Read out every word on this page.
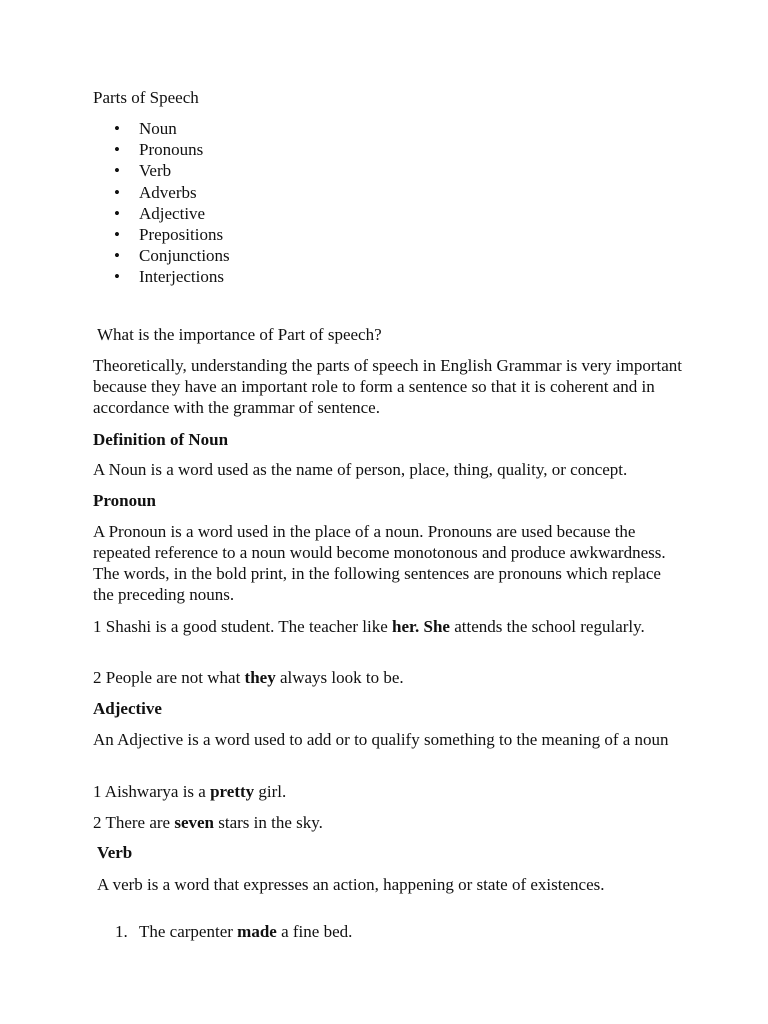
Parts of Speech

• Noun
• Pronouns
• Verb
• Adverbs
• Adjective
• Prepositions
• Conjunctions
• Interjections

What is the importance of Part of speech?

Theoretically, understanding the parts of speech in English Grammar is very important because they have an important role to form a sentence so that it is coherent and in accordance with the grammar of sentence.

Definition of Noun

A Noun is a word used as the name of person, place, thing, quality, or concept.

Pronoun

A Pronoun is a word used in the place of a noun. Pronouns are used because the repeated reference to a noun would become monotonous and produce awkwardness. The words, in the bold print, in the following sentences are pronouns which replace the preceding nouns.

1 Shashi is a good student. The teacher like her. She attends the school regularly.

2 People are not what they always look to be.

Adjective

An Adjective is a word used to add or to qualify something to the meaning of a noun

1 Aishwarya is a pretty girl.

2 There are seven stars in the sky.

Verb

A verb is a word that expresses an action, happening or state of existences.

1. The carpenter made a fine bed.
